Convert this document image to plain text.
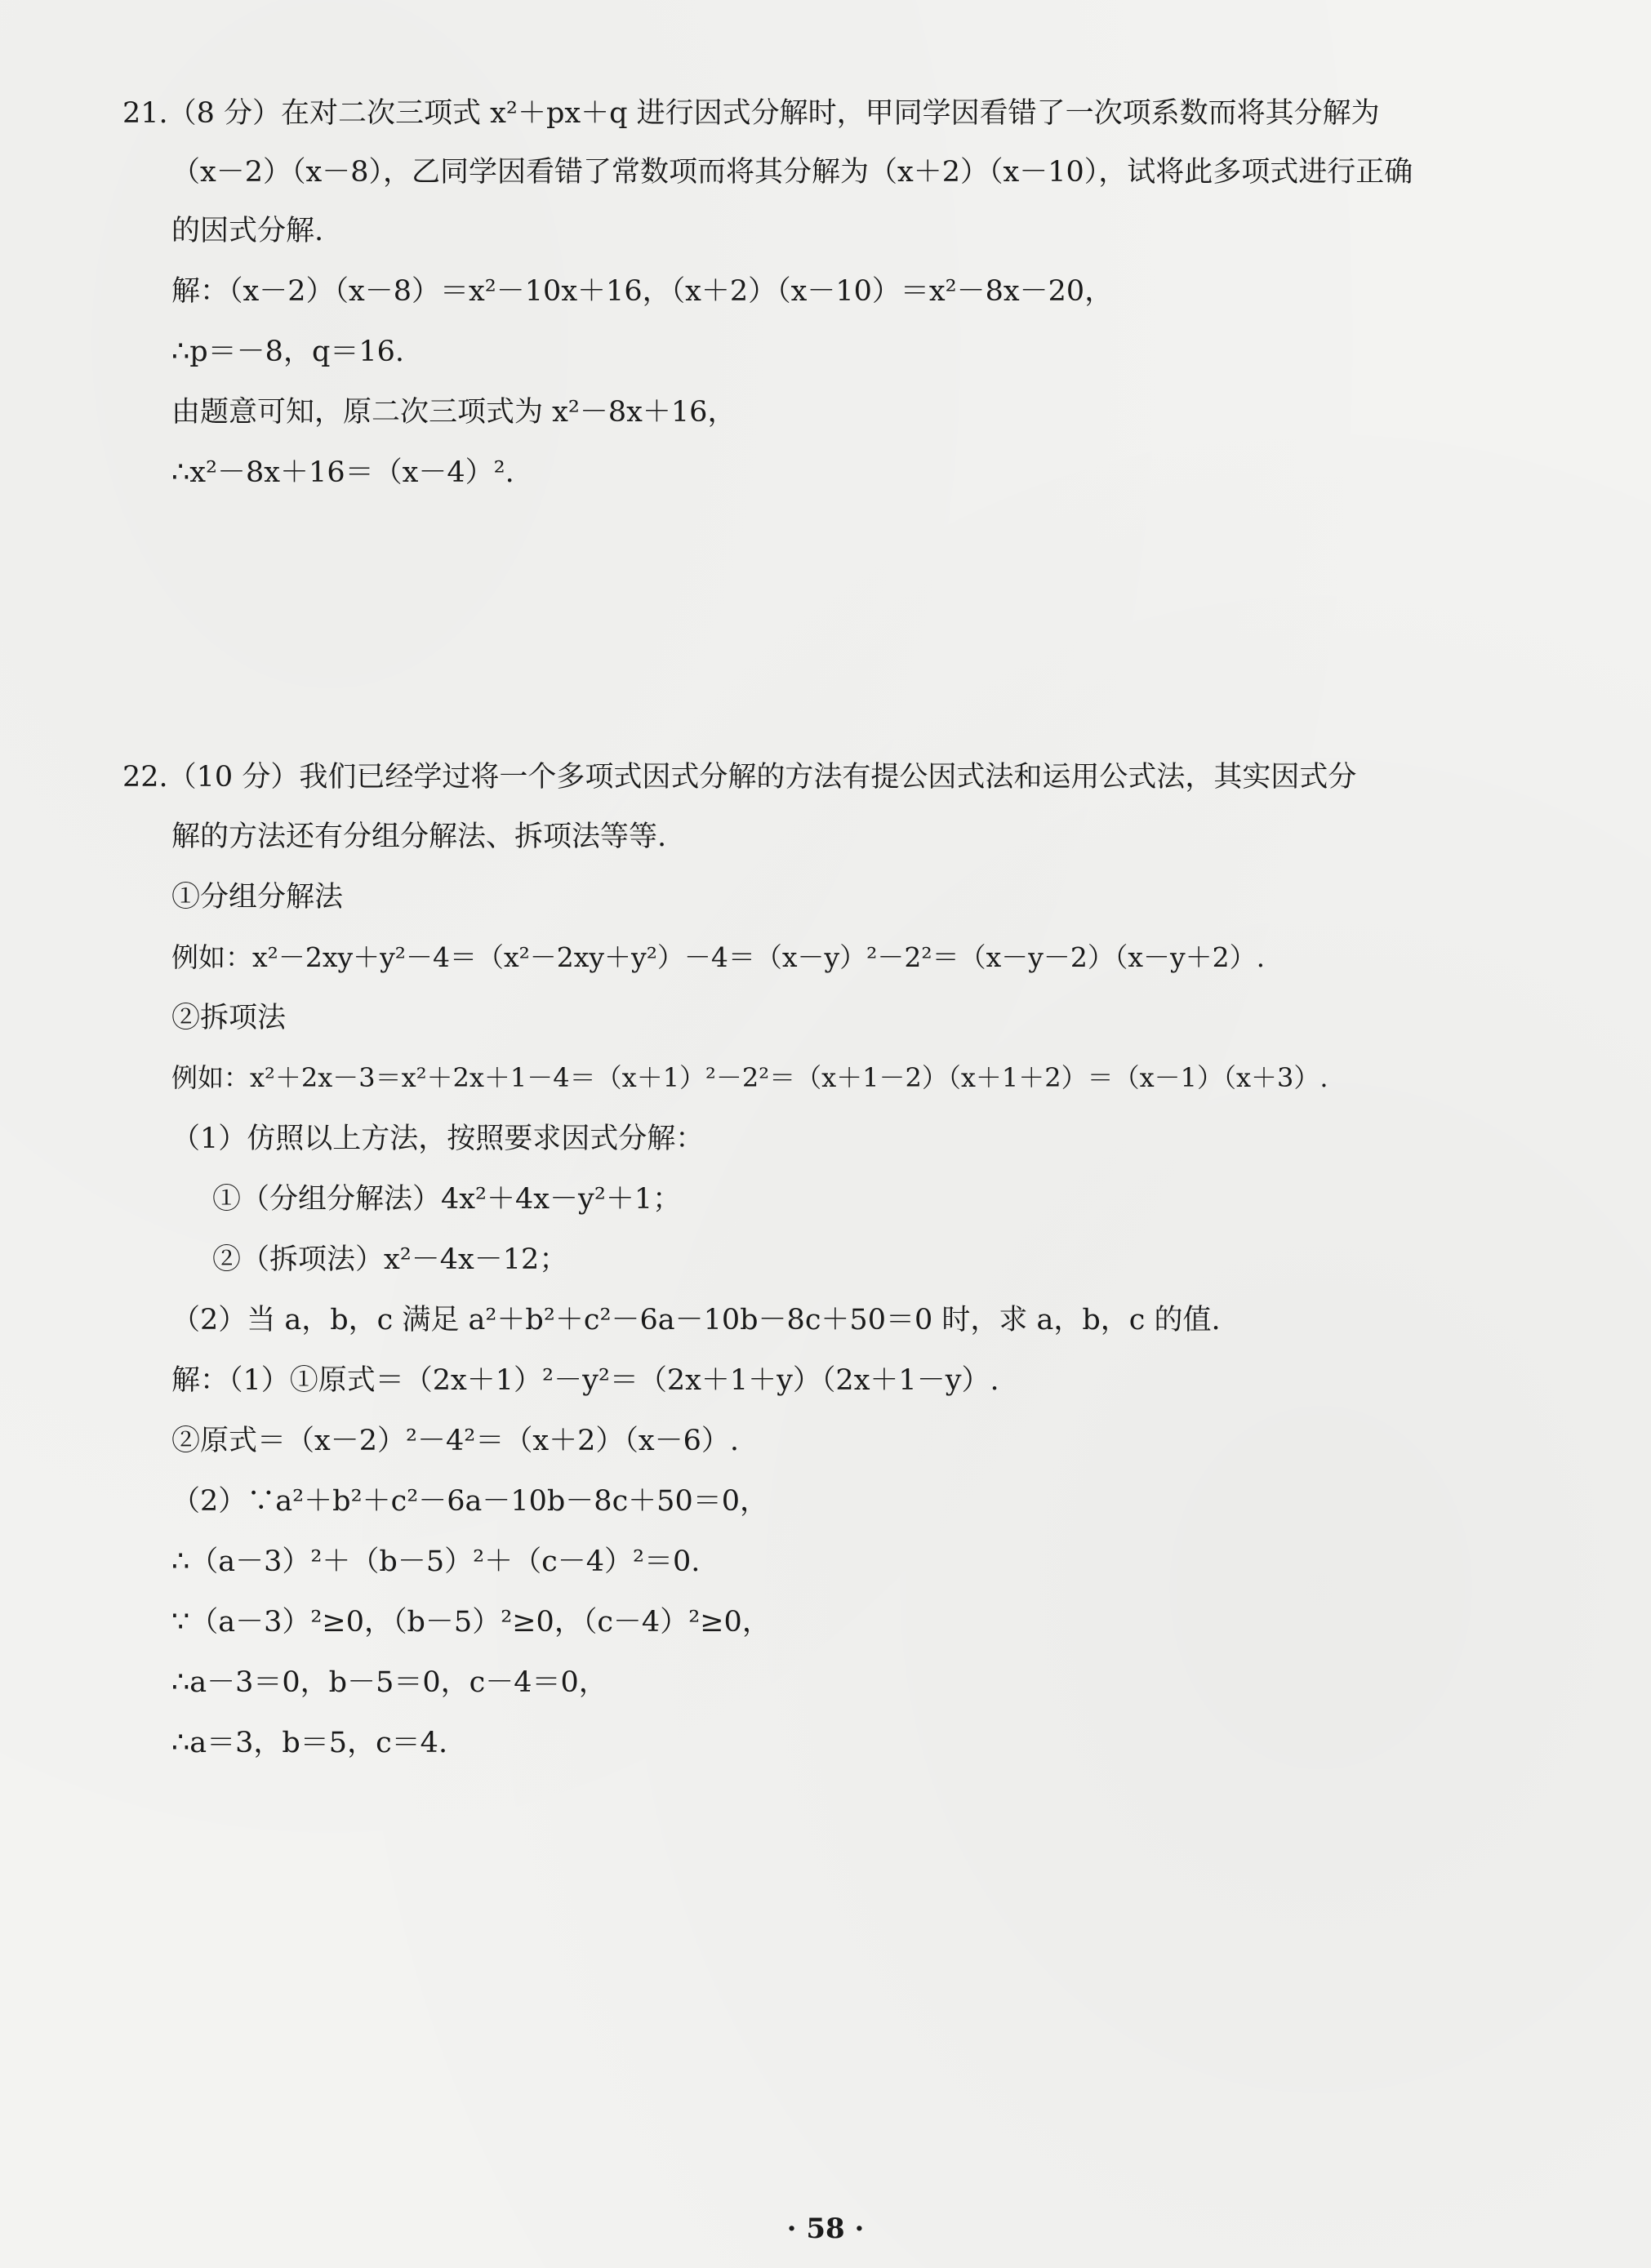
21.（8 分）在对二次三项式 x²＋px＋q 进行因式分解时，甲同学因看错了一次项系数而将其分解为
（x－2）（x－8），乙同学因看错了常数项而将其分解为（x＋2）（x－10），试将此多项式进行正确
的因式分解.
解：（x－2）（x－8）＝x²－10x＋16，（x＋2）（x－10）＝x²－8x－20，
∴p＝－8，q＝16.
由题意可知，原二次三项式为 x²－8x＋16，
∴x²－8x＋16＝（x－4）².
22.（10 分）我们已经学过将一个多项式因式分解的方法有提公因式法和运用公式法，其实因式分
解的方法还有分组分解法、拆项法等等.
①分组分解法
例如：x²－2xy＋y²－4＝（x²－2xy＋y²）－4＝（x－y）²－2²＝（x－y－2）（x－y＋2）.
②拆项法
例如：x²＋2x－3＝x²＋2x＋1－4＝（x＋1）²－2²＝（x＋1－2）（x＋1＋2）＝（x－1）（x＋3）.
（1）仿照以上方法，按照要求因式分解：
①（分组分解法）4x²＋4x－y²＋1；
②（拆项法）x²－4x－12；
（2）当 a，b，c 满足 a²＋b²＋c²－6a－10b－8c＋50＝0 时，求 a，b，c 的值.
解：（1）①原式＝（2x＋1）²－y²＝（2x＋1＋y）（2x＋1－y）.
②原式＝（x－2）²－4²＝（x＋2）（x－6）.
（2）∵a²＋b²＋c²－6a－10b－8c＋50＝0，
∴（a－3）²＋（b－5）²＋（c－4）²＝0.
∵（a－3）²≥0，（b－5）²≥0，（c－4）²≥0，
∴a－3＝0，b－5＝0，c－4＝0，
∴a＝3，b＝5，c＝4.
· 58 ·
